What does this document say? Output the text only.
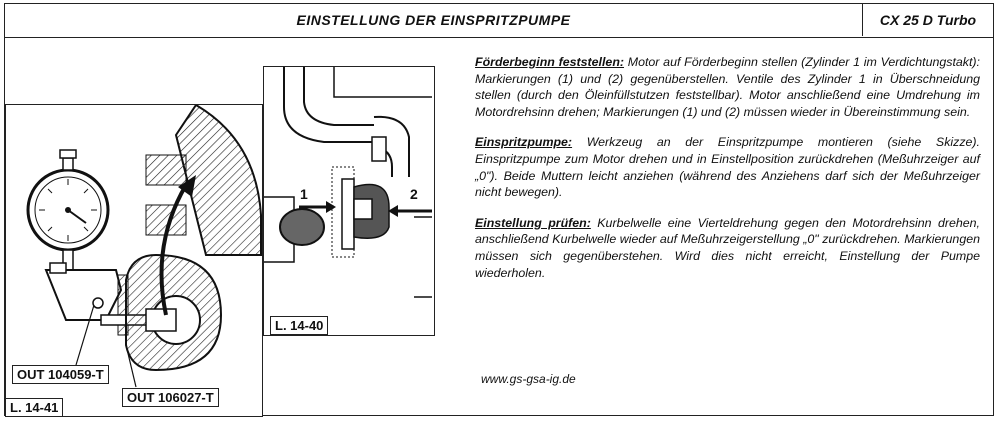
EINSTELLUNG DER EINSPRITZPUMPE	CX 25 D Turbo
OUT 104059-T
OUT 106027-T
L. 14-41
1	2
L. 14-40

Förderbeginn feststellen: Motor auf Förderbeginn stellen (Zylinder 1 im Verdichtungstakt): Markierungen (1) und (2) gegenüberstellen. Ventile des Zylinder 1 in Überschneidung stellen (durch den Öleinfüllstutzen feststellbar). Motor anschließend eine Umdrehung im Motordrehsinn drehen; Markierungen (1) und (2) müssen wieder in Übereinstimmung sein.

Einspritzpumpe: Werkzeug an der Einspritzpumpe montieren (siehe Skizze). Einspritzpumpe zum Motor drehen und in Einstellposition zurückdrehen (Meßuhrzeiger auf „0"). Beide Muttern leicht anziehen (während des Anziehens darf sich der Meßuhrzeiger nicht bewegen).

Einstellung prüfen: Kurbelwelle eine Vierteldrehung gegen den Motordrehsinn drehen, anschließend Kurbelwelle wieder auf Meßuhrzeigerstellung „0" zurückdrehen. Markierungen müssen sich gegenüberstehen. Wird dies nicht erreicht, Einstellung der Pumpe wiederholen.

www.gs-gsa-ig.de
